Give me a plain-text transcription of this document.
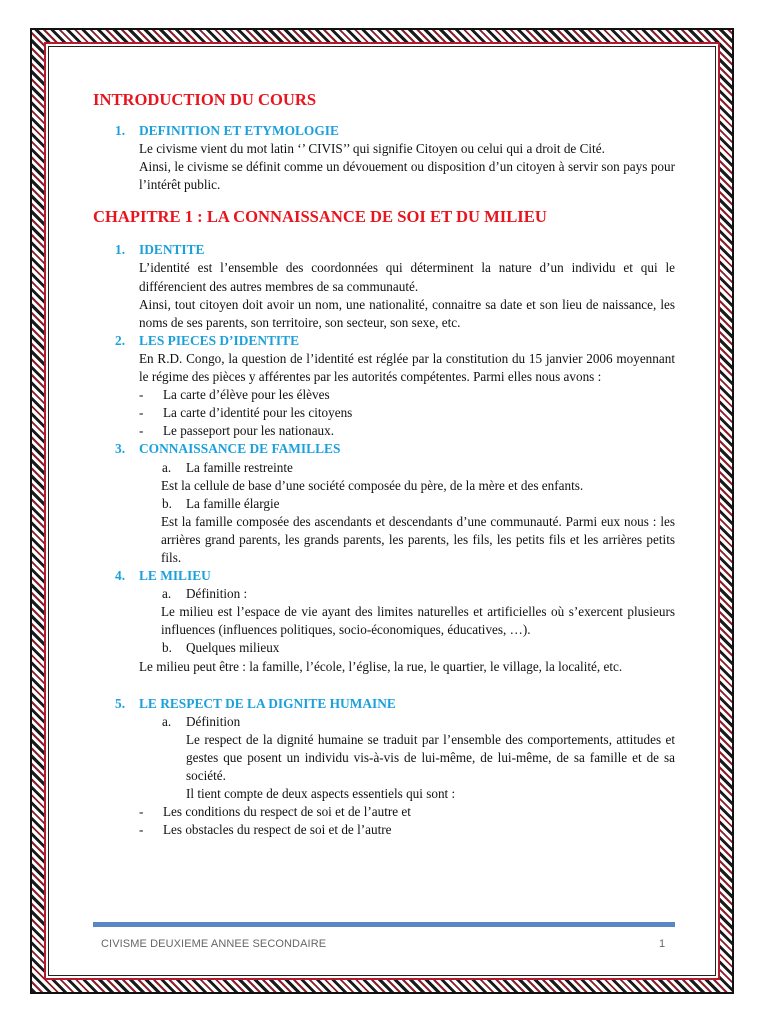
INTRODUCTION DU COURS
1. DEFINITION ET ETYMOLOGIE
Le civisme vient du mot latin ‘’ CIVIS’’ qui signifie Citoyen ou celui qui a droit de Cité.
Ainsi, le civisme se définit comme un dévouement ou disposition d’un citoyen à servir son pays pour l’intérêt public.
CHAPITRE 1 : LA CONNAISSANCE DE SOI ET DU MILIEU
1. IDENTITE
L’identité est l’ensemble des coordonnées qui déterminent la nature d’un individu et qui le différencient des autres membres de sa communauté.
Ainsi, tout citoyen doit avoir un nom, une nationalité, connaitre sa date et son lieu de naissance, les noms de ses parents, son territoire, son secteur, son sexe, etc.
2. LES PIECES D’IDENTITE
En R.D. Congo, la question de l’identité est réglée par la constitution du 15 janvier 2006 moyennant le régime des pièces y afférentes par les autorités compétentes. Parmi elles nous avons :
- La carte d’élève pour les élèves
- La carte d’identité pour les citoyens
- Le passeport pour les nationaux.
3. CONNAISSANCE DE FAMILLES
a. La famille restreinte
Est la cellule de base d’une société composée du père, de la mère et des enfants.
b. La famille élargie
Est la famille composée des ascendants et descendants d’une communauté. Parmi eux nous : les arrières grand parents, les grands parents, les parents, les fils, les petits fils et les arrières petits fils.
4. LE MILIEU
a. Définition :
Le milieu est l’espace de vie ayant des limites naturelles et artificielles où s’exercent plusieurs influences (influences politiques, socio-économiques, éducatives, …).
b. Quelques milieux
Le milieu peut être : la famille, l’école, l’église, la rue, le quartier, le village, la localité, etc.
5. LE RESPECT DE LA DIGNITE HUMAINE
a. Définition
Le respect de la dignité humaine se traduit par l’ensemble des comportements, attitudes et gestes que posent un individu vis-à-vis de lui-même, de lui-même, de sa famille et de sa société.
Il tient compte de deux aspects essentiels qui sont :
- Les conditions du respect de soi et de l’autre et
- Les obstacles du respect de soi et de l’autre
CIVISME DEUXIEME ANNEE SECONDAIRE	1
